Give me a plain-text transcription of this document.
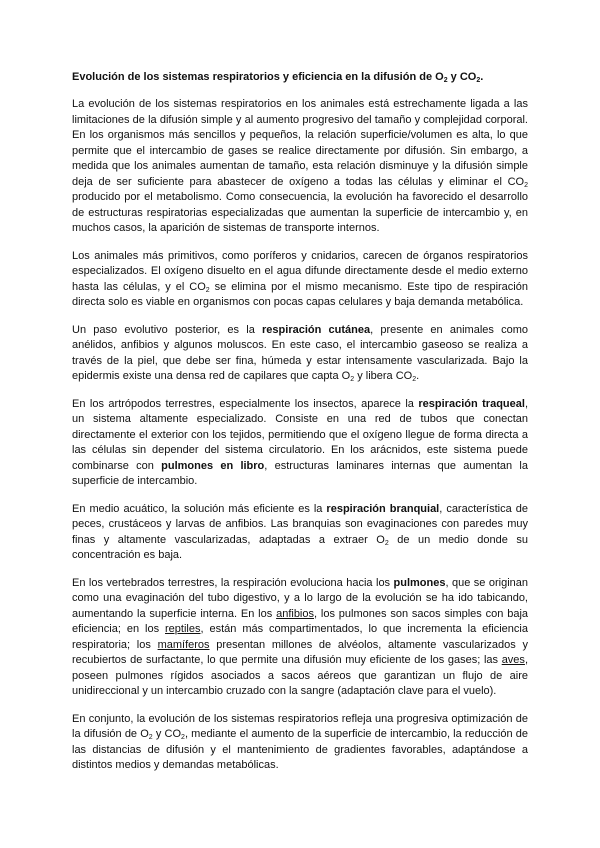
Evolución de los sistemas respiratorios y eficiencia en la difusión de $O_2$ y $CO_2$.

La evolución de los sistemas respiratorios en los animales está estrechamente ligada a las limitaciones de la difusión simple y al aumento progresivo del tamaño y complejidad corporal. En los organismos más sencillos y pequeños, la relación superficie/volumen es alta, lo que permite que el intercambio de gases se realice directamente por difusión. Sin embargo, a medida que los animales aumentan de tamaño, esta relación disminuye y la difusión simple deja de ser suficiente para abastecer de oxígeno a todas las células y eliminar el $CO_2$ producido por el metabolismo. Como consecuencia, la evolución ha favorecido el desarrollo de estructuras respiratorias especializadas que aumentan la superficie de intercambio y, en muchos casos, la aparición de sistemas de transporte internos.

Los animales más primitivos, como poríferos y cnidarios, carecen de órganos respiratorios especializados. El oxígeno disuelto en el agua difunde directamente desde el medio externo hasta las células, y el $CO_2$ se elimina por el mismo mecanismo. Este tipo de respiración directa solo es viable en organismos con pocas capas celulares y baja demanda metabólica.

Un paso evolutivo posterior, es la respiración cutánea, presente en animales como anélidos, anfibios y algunos moluscos. En este caso, el intercambio gaseoso se realiza a través de la piel, que debe ser fina, húmeda y estar intensamente vascularizada. Bajo la epidermis existe una densa red de capilares que capta $O_2$ y libera $CO_2$.

En los artrópodos terrestres, especialmente los insectos, aparece la respiración traqueal, un sistema altamente especializado. Consiste en una red de tubos que conectan directamente el exterior con los tejidos, permitiendo que el oxígeno llegue de forma directa a las células sin depender del sistema circulatorio. En los arácnidos, este sistema puede combinarse con pulmones en libro, estructuras laminares internas que aumentan la superficie de intercambio.

En medio acuático, la solución más eficiente es la respiración branquial, característica de peces, crustáceos y larvas de anfibios. Las branquias son evaginaciones con paredes muy finas y altamente vascularizadas, adaptadas a extraer $O_2$ de un medio donde su concentración es baja.

En los vertebrados terrestres, la respiración evoluciona hacia los pulmones, que se originan como una evaginación del tubo digestivo, y a lo largo de la evolución se ha ido tabicando, aumentando la superficie interna. En los anfibios, los pulmones son sacos simples con baja eficiencia; en los reptiles, están más compartimentados, lo que incrementa la eficiencia respiratoria; los mamíferos presentan millones de alvéolos, altamente vascularizados y recubiertos de surfactante, lo que permite una difusión muy eficiente de los gases; las aves, poseen pulmones rígidos asociados a sacos aéreos que garantizan un flujo de aire unidireccional y un intercambio cruzado con la sangre (adaptación clave para el vuelo).

En conjunto, la evolución de los sistemas respiratorios refleja una progresiva optimización de la difusión de $O_2$ y $CO_2$, mediante el aumento de la superficie de intercambio, la reducción de las distancias de difusión y el mantenimiento de gradientes favorables, adaptándose a distintos medios y demandas metabólicas.
